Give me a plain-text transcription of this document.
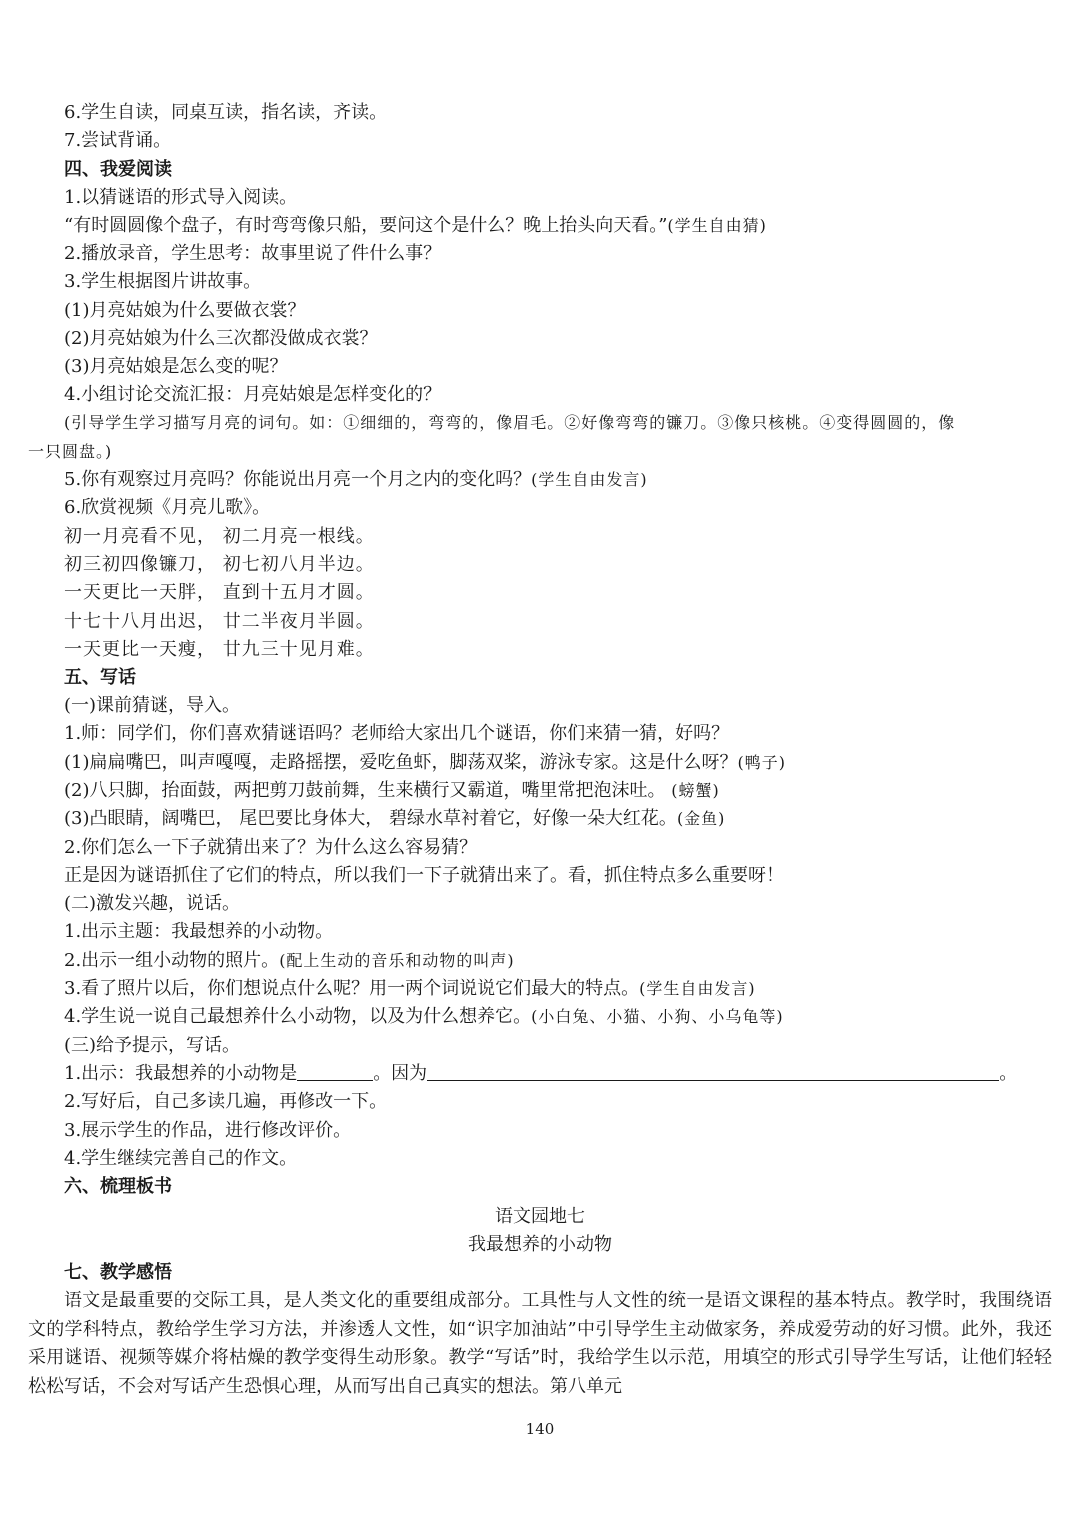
6.学生自读，同桌互读，指名读，齐读。
7.尝试背诵。
四、我爱阅读
1.以猜谜语的形式导入阅读。
“有时圆圆像个盘子，有时弯弯像只船，要问这个是什么？晚上抬头向天看。”(学生自由猜)
2.播放录音，学生思考：故事里说了件什么事？
3.学生根据图片讲故事。
(1)月亮姑娘为什么要做衣裳？
(2)月亮姑娘为什么三次都没做成衣裳？
(3)月亮姑娘是怎么变的呢？
4.小组讨论交流汇报：月亮姑娘是怎样变化的？
(引导学生学习描写月亮的词句。如：①细细的，弯弯的，像眉毛。②好像弯弯的镰刀。③像只核桃。④变得圆圆的，像
一只圆盘。)
5.你有观察过月亮吗？你能说出月亮一个月之内的变化吗？(学生自由发言)
6.欣赏视频《月亮儿歌》。
初一月亮看不见， 初二月亮一根线。
初三初四像镰刀， 初七初八月半边。
一天更比一天胖， 直到十五月才圆。
十七十八月出迟， 廿二半夜月半圆。
一天更比一天瘦， 廿九三十见月难。
五、写话
(一)课前猜谜，导入。
1.师：同学们，你们喜欢猜谜语吗？老师给大家出几个谜语，你们来猜一猜，好吗？
(1)扁扁嘴巴，叫声嘎嘎，走路摇摆，爱吃鱼虾，脚荡双桨，游泳专家。这是什么呀？(鸭子)
(2)八只脚，抬面鼓，两把剪刀鼓前舞，生来横行又霸道，嘴里常把泡沫吐。 (螃蟹)
(3)凸眼睛，阔嘴巴， 尾巴要比身体大， 碧绿水草衬着它，好像一朵大红花。(金鱼)
2.你们怎么一下子就猜出来了？为什么这么容易猜？
正是因为谜语抓住了它们的特点，所以我们一下子就猜出来了。看，抓住特点多么重要呀！
(二)激发兴趣，说话。
1.出示主题：我最想养的小动物。
2.出示一组小动物的照片。(配上生动的音乐和动物的叫声)
3.看了照片以后，你们想说点什么呢？用一两个词说说它们最大的特点。(学生自由发言)
4.学生说一说自己最想养什么小动物，以及为什么想养它。(小白兔、小猫、小狗、小乌龟等)
(三)给予提示，写话。
1.出示：我最想养的小动物是	。因为	。
2.写好后，自己多读几遍，再修改一下。
3.展示学生的作品，进行修改评价。
4.学生继续完善自己的作文。
六、梳理板书
语文园地七
我最想养的小动物
七、教学感悟
语文是最重要的交际工具，是人类文化的重要组成部分。工具性与人文性的统一是语文课程的基本特点。教学时，我围绕语文的学科特点，教给学生学习方法，并渗透人文性，如“识字加油站”中引导学生主动做家务，养成爱劳动的好习惯。此外，我还采用谜语、视频等媒介将枯燥的教学变得生动形象。教学“写话”时，我给学生以示范，用填空的形式引导学生写话，让他们轻轻松松写话，不会对写话产生恐惧心理，从而写出自己真实的想法。第八单元
140
